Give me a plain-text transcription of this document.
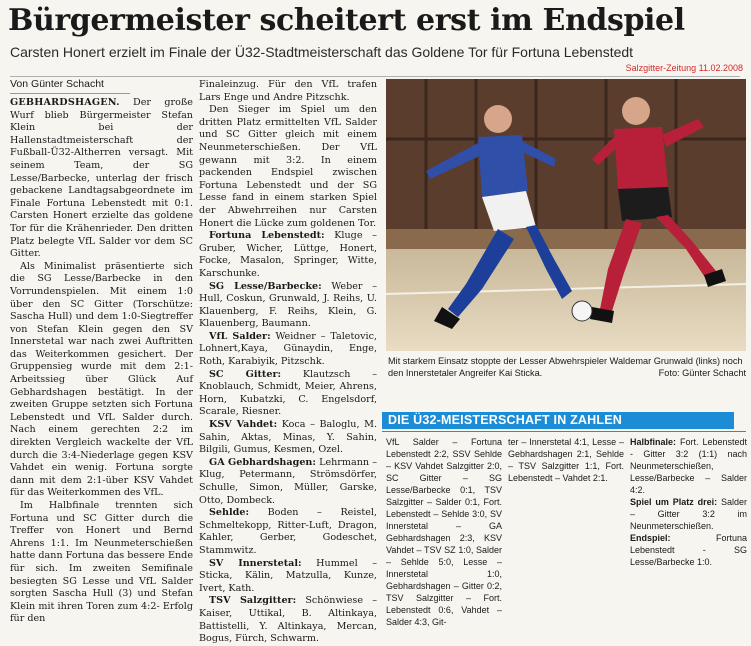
Bürgermeister scheitert erst im Endspiel
Carsten Honert erzielt im Finale der Ü32-Stadtmeisterschaft das Goldene Tor für Fortuna Lebenstedt
Salzgitter-Zeitung 11.02.2008
Von Günter Schacht

GEBHARDSHAGEN. Der große Wurf blieb Bürgermeister Stefan Klein bei der Hallenstadtmeisterschaft der Fußball-Ü32-Altherren versagt. Mit seinem Team, der SG Lesse/Barbecke, unterlag der frisch gebackene Landtagsabgeordnete im Finale Fortuna Lebenstedt mit 0:1. Carsten Honert erzielte das goldene Tor für die Krähenrieder. Den dritten Platz belegte VfL Salder vor dem SC Gitter.

Als Minimalist präsentierte sich die SG Lesse/Barbecke in den Vorrundenspielen. Mit einem 1:0 über den SC Gitter (Torschütze: Sascha Hull) und dem 1:0-Siegtreffer von Stefan Klein gegen den SV Innerstetal war nach zwei Auftritten das Weiterkommen gesichert. Der Gruppensieg wurde mit dem 2:1-Arbeitssieg über Glück Auf Gebhardshagen bestätigt. In der zweiten Gruppe setzten sich Fortuna Lebenstedt und VfL Salder durch. Nach einem gerechten 2:2 im direkten Vergleich wackelte der VfL durch die 3:4-Niederlage gegen KSV Vahdet ein wenig. Fortuna sorgte dann mit dem 2:1-über KSV Vahdet für das Weiterkommen des VfL.

Im Halbfinale trennten sich Fortuna und SC Gitter durch die Treffer von Honert und Bernd Ahrens 1:1. Im Neunmeterschießen hatte dann Fortuna das bessere Ende für sich. Im zweiten Semifinale besiegten SG Lesse und VfL Salder sorgten Sascha Hull (3) und Stefan Klein mit ihren Toren zum 4:2- Erfolg für den

Finaleinzug. Für den VfL trafen Lars Enge und Andre Pitzschk.

Den Sieger im Spiel um den dritten Platz ermittelten VfL Salder und SC Gitter gleich mit einem Neunmeterschießen. Der VfL gewann mit 3:2. In einem packenden Endspiel zwischen Fortuna Lebenstedt und der SG Lesse fand in einem starken Spiel der Abwehrreihen nur Carsten Honert die Lücke zum goldenen Tor.

Fortuna Lebenstedt: Kluge – Gruber, Wicher, Lüttge, Honert, Focke, Masalon, Springer, Witte, Karschunke.

SG Lesse/Barbecke: Weber – Hull, Coskun, Grunwald, J. Reihs, U. Klauenberg, F. Reihs, Klein, G. Klauenberg, Baumann.

VfL Salder: Weidner – Taletovic, Lohnert,Kaya, Günaydin, Enge, Roth, Karabiyik, Pitzschk.

SC Gitter: Klautzsch – Knoblauch, Schmidt, Meier, Ahrens, Horn, Kubatzki, C. Engelsdorf, Scarale, Riesner.

KSV Vahdet: Koca – Baloglu, M. Sahin, Aktas, Minas, Y. Sahin, Bilgili, Gumus, Kesmen, Ozel.

GA Gebhardshagen: Lehrmann – Klug, Petermann, Strömsdörfer, Schulle, Simon, Müller, Garske, Otto, Dombeck.

Sehlde: Boden – Reistel, Schmeltekopp, Ritter-Luft, Dragon, Kahler, Gerber, Godeschet, Stammwitz.

SV Innerstetal: Hummel – Sticka, Kälin, Matzulla, Kunze, Ivert, Kath.

TSV Salzgitter: Schönwiese – Kaiser, Uttikal, B. Altinkaya, Battistelli, Y. Altinkaya, Mercan, Bogus, Fürch, Schwarm.

Mit starkem Einsatz stoppte der Lesser Abwehrspieler Waldemar Grunwald (links) noch den Innerstetaler Angreifer Kai Sticka.	Foto: Günter Schacht
DIE Ü32-MEISTERSCHAFT IN ZAHLEN

VfL Salder – Fortuna Lebenstedt 2:2, SSV Sehlde – KSV Vahdet Salzgitter 2:0, SC Gitter – SG Lesse/Barbecke 0:1, TSV Salzgitter – Salder 0:1, Fort. Lebenstedt – Sehlde 3:0, SV Innerstetal – GA Gebhardshagen 2:3, KSV Vahdet – TSV SZ 1:0, Salder – Sehlde 5:0, Lesse – Innerstetal 1:0, Gebhardshagen – Gitter 0:2, TSV Salzgitter – Fort. Lebenstedt 0:6, Vahdet – Salder 4:3, Git-

ter – Innerstetal 4:1, Lesse – Gebhardshagen 2:1, Sehlde – TSV Salzgitter 1:1, Fort. Lebenstedt – Vahdet 2:1.

Halbfinale: Fort. Lebenstedt - Gitter 3:2 (1:1) nach Neunmeterschießen, Lesse/Barbecke – Salder 4:2.

Spiel um Platz drei: Salder – Gitter 3:2 im Neunmeterschießen.

Endspiel:	Fortuna Lebenstedt - SG Lesse/Barbecke 1:0.
